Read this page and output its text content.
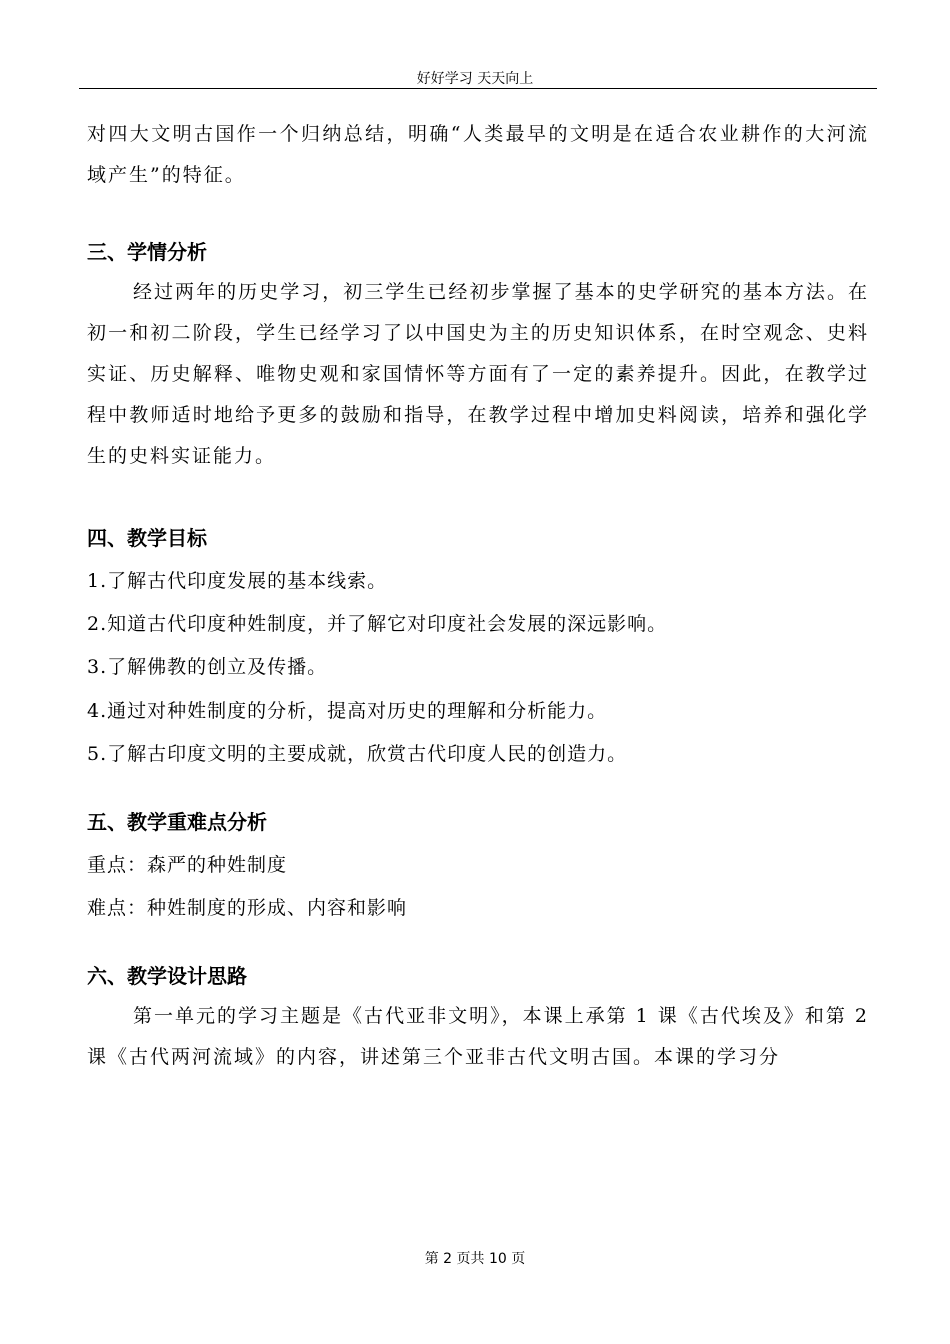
好好学习 天天向上

对四大文明古国作一个归纳总结，明确“人类最早的文明是在适合农业耕作的大河流域产生”的特征。

三、学情分析

经过两年的历史学习，初三学生已经初步掌握了基本的史学研究的基本方法。在初一和初二阶段，学生已经学习了以中国史为主的历史知识体系，在时空观念、史料实证、历史解释、唯物史观和家国情怀等方面有了一定的素养提升。因此，在教学过程中教师适时地给予更多的鼓励和指导，在教学过程中增加史料阅读，培养和强化学生的史料实证能力。

四、教学目标

1.了解古代印度发展的基本线索。

2.知道古代印度种姓制度，并了解它对印度社会发展的深远影响。

3.了解佛教的创立及传播。

4.通过对种姓制度的分析，提高对历史的理解和分析能力。

5.了解古印度文明的主要成就，欣赏古代印度人民的创造力。

五、教学重难点分析

重点：森严的种姓制度

难点：种姓制度的形成、内容和影响

六、教学设计思路

第一单元的学习主题是《古代亚非文明》，本课上承第 1 课《古代埃及》和第 2 课《古代两河流域》的内容，讲述第三个亚非古代文明古国。本课的学习分

第 2 页共 10 页
